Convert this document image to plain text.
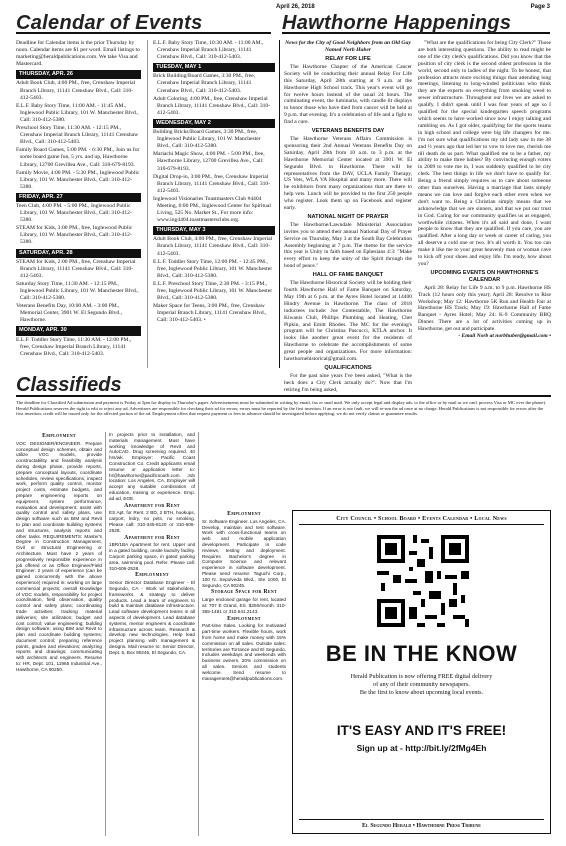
April 26, 2018	Page 3
Calendar of Events	Hawthorne Happenings
Deadline for Calendar items is the prior Thursday by noon. Calendar items are $1 per word. Email listings to marketing@heraldpublications.com. We take Visa and Mastercard.
THURSDAY, APR. 26
Adult Book Club, 4:00 PM., free, Crenshaw Imperial Branch Library, 11141 Crenshaw Blvd., Call: 310-412-5403.
E.L.F. Baby Story Time, 11:00 AM. - 11:45 AM., Inglewood Public Library, 101 W. Manchester Blvd., Call: 310-412-5380.
Preschool Story Time, 11:30 AM. - 12:15 PM., Crenshaw Imperial Branch Library, 11141 Crenshaw Blvd., Call: 310-412-5403.
Family Board Games, 5:00 PM. - 6:30 PM., Join us for some board game fun, 5 yrs. and up, Hawthorne Library, 12700 Grevillea Ave., Call: 310-679-8193.
Family Movie, 4:00 PM. - 5:30 PM., Inglewood Public Library, 101 W. Manchester Blvd., Call: 310-412-5380.
FRIDAY, APR. 27
Teen Club, 4:00 PM. - 5:00 PM., Inglewood Public Library, 101 W. Manchester Blvd., Call: 310-412-5380.
STEAM for Kids, 3:00 PM., free, Inglewood Public Library, 101 W. Manchester Blvd., Call: 310-412-5380.
SATURDAY, APR. 28
STEAM for Kids, 2:00 PM., free, Crenshaw Imperial Branch Library, 11141 Crenshaw Blvd., Call: 310-412-5403.
Saturday Story Time, 11:30 AM. - 12:15 PM., Inglewood Public Library, 101 W. Manchester Blvd., Call: 310-412-5380.
Veterans Benefits Day, 10:00 AM. - 3:00 PM., Memorial Center, 3901 W. El Segundo Blvd., Hawthorne.
MONDAY, APR. 30
E.L.F. Toddler Story Time, 11:30 AM. - 12:00 PM., free, Crenshaw Imperial Branch Library, 11141 Crenshaw Blvd., Call: 310-412-5403.
E.L.F. Baby Story Time, 10:30 AM. - 11:00 AM., Crenshaw Imperial Branch Library, 11141 Crenshaw Blvd., Call: 310-412-5403.
TUESDAY, MAY 1
Brick Building/Board Games, 3:30 PM., free, Crenshaw Imperial Branch Library, 11141 Crenshaw Blvd., Call: 310-412-5403.
Adult Coloring, 4:00 PM., free, Crenshaw Imperial Branch Library, 11141 Crenshaw Blvd., Call: 310-412-5403.
WEDNESDAY, MAY 2
Building Bricks/Board Games, 3:30 PM., free, Inglewood Public Library, 101 W. Manchester Blvd., Call: 310-412-5380.
Mariachi Magic Show, 4:00 PM. - 5:00 PM., free, Hawthorne Library, 12700 Grevillea Ave., Call: 310-679-8193.
Digital Drop-in, 3:00 PM., free, Crenshaw Imperial Branch Library, 11141 Crenshaw Blvd., Call: 310-412-5403.
Inglewood Visionaries Toastmasters Club #4404 Meeting, 6:00 PM., Inglewood Center for Spiritual Living, 525 No. Market St., For more info: www.ing4404.toastmastersclubs.org.
THURSDAY, MAY 3
Adult Book Club, 4:00 PM., free, Crenshaw Imperial Branch Library, 11141 Crenshaw Blvd., Call: 310-412-5403.
E.L.F. Toddler Story Time, 12:00 PM. - 12:45 PM., free, Inglewood Public Library, 101 W. Manchester Blvd., Call: 310-412-5380.
E.L.F. Preschool Story Time, 2:30 PM. - 3:15 PM., free, Inglewood Public Library, 101 W. Manchester Blvd., Call: 310-412-5380.
Maker Space for Teens, 3:00 PM., free, Crenshaw Imperial Branch Library, 11141 Crenshaw Blvd., Call: 310-412-5403. •
News for the City of Good Neighbors from an Old Guy Named Norb Huber
RELAY FOR LIFE
The Hawthorne Chapter of the American Cancer Society will be conducting their annual Relay For Life this Saturday, April 28th starting at 9 a.m. at the Hawthorne High School track. This year's event will go for twelve hours instead of the usual 24 hours. The culminating event, the luminaria, with candle lit displays to honor those who have died from cancer will be held at 9 p.m. that evening. It's a celebration of life and a fight to find a cure.
VETERANS BENEFITS DAY
The Hawthorne Veterans Affairs Commission is sponsoring their 2nd Annual Veterans Benefits Day on Saturday, April 28th from 10 a.m. to 3 p.m. at the Hawthorne Memorial Center located at 3901 W. El Segundo Blvd. in Hawthorne. There will be representatives from the DAV, UCLA Family Therapy, US Vets, WLA VA Hospital and many more. There will be exhibitors from many organizations that are there to help vets. Lunch will be provided to the first 250 people who register. Look them up on Facebook and register early.
NATIONAL NIGHT OF PRAYER
The Hawthorne/Lawndale Ministerial Association invites you to attend their annual National Day of Prayer Service on Thursday, May 3 at the South Bay Celebration Assembly beginning at 7 p.m. The theme for the service this year is Unity in faith based on Ephesians 4:3: "Make every effort to keep the unity of the Spirit through the bond of peace."
HALL OF FAME BANQUET
The Hawthorne Historical Society will be holding their fourth Hawthorne Hall of Fame Banquet on Saturday, May 19th at 6 p.m. at the Ayres Hotel located at 14400 Hindry Avenue in Hawthorne. The class of 2018 inductees include: Joe Contestabile, The Hawthorne Kiwanis Club, Phillips Plumbing and Heating, Chet Pipkin, and Emitt Rhodes. The MC for the evening's program will be Christina Pascucci, KTLA anchor. It looks like another great event for the residents of Hawthorne to celebrate the accomplishments of some great people and organizations. For more information: hawthornehistorical@gmail.com.
QUALIFICATIONS
For the past nine years I've been asked, "What is the heck does a City Clerk actually do?". Now that I'm retiring I'm being asked,
"What are the qualifications for being City Clerk?" Those are both interesting questions. The ability to read might be one of the city clerk's qualifications. Did you know that the position of city clerk is the second oldest profession in the world, second only to ladies of the night. To be honest, that profession attracts more exciting things than attending long meetings, listening to long-winded politicians who think they are the experts on everything from smoking weed to sewer infrastructure. Throughout our lives we are asked to qualify. I didn't speak until I was four years of age so I qualified for the special kindergarten speech programs which seems to have worked since now I enjoy talking and rambling on. As I got older, qualifying for the sports teams in high school and college were big life changers for me. I'm not sure what qualifications my old lady saw in me 38 and ½ years ago that led her to vow to love me, cherish me till death do us part. What qualified me to be a father, my ability to make three babies? By convincing enough voters in 2009 to vote me in, I was suddenly qualified to be city clerk. The best things in life we don't have to qualify for. Being a friend simply requires us to care about someone other than ourselves. Having a marriage that lasts simply means we can love and forgive each other even when we don't want to. Being a Christian simply means that we acknowledge that we are sinners, and that we put our trust in God. Caring for our community qualifies us as engaged, worthwhile citizens. When it's all said and done, I want people to know that they are qualified. If you care, you are qualified. After a long day or week or career of caring, you all deserve a cold one or two. It's all worth it. You too can make it like me to your great heavenly man or woman cave to kick off your shoes and enjoy life. I'm ready, how about you?
UPCOMING EVENTS ON HAWTHORNE'S CALENDAR
April 28: Relay for Life 9 a.m. to 9 p.m. Hawthorne HS Track (12 hours only this year); April 28: Resolve to Rise Workshop; May 12: Hawthorne 5K Run and Health Fair at Hawthorne HS Track; May 19: Hawthorne Hall of Fame Banquet - Ayres Hotel; May 24: K-9 Community BBQ Dinner. There are a lot of activities coming up in Hawthorne, get out and participate.
- Email Norb at norbhuber@gmail.com •
Classifieds
The deadline for Classified Ad submission and payment is Friday at 5pm for display in Thursday's paper. Advertisements must be submitted in writing by email, fax or snail mail. We only accept legal and display ads, to the office or by mail as we can't process Visa or MC over the phone). Herald Publications reserves the right to edit or reject any ad. Advertisers are responsible for checking their ad for errors; errors must be reported by the first insertion. If an error is our fault, we will re-run the ad once at no charge. Herald Publications is not responsible for errors after the first insertion; credit will be issued only for the affected portion of the ad. Employment offers that request payment or fees in advance should be investigated before applying; we do not verify claims or guarantee results.
Employment
VOC DESIGNER/ENGINEER. Prepare conceptual design schemes, obtain and utilize VOC models, provide constructability and feasibility analysis during design phase, provide reports, prepare conceptual layouts, coordinate schedules, review specifications, inspect work, perform quality control, monitor project costs, estimate budgets, and prepare engineering reports on equipment, system performance, evaluation and development; assist with quality control and safety plans, use design software such as BIM and Revit to plan and coordinate building systems and structures, analysis reports and other tasks. REQUIREMENTS: Master's Degree in Construction Management, Civil or Structural Engineering or Architecture. Must have 2 years of progressively responsible experience in job offered or as Office Engineer/Field Engineer. 2 years of experience (can be gained concurrently with the above experience) required in: working on large commercial projects; overall knowledge of VOC models, responsibility for project coordination, field observation, quality control and safety plans; coordinating trade activities; tracking material deliveries; site utilization; budget and cost control; value engineering; building design software; using BIM and Revit to plan and coordinate building systems; document control; preparing reference points, grades and elevations; analyzing reports and drawings; communicating with architects and engineers. Resume to: HR, Dept. 101, 11965 Industrial Ave., Hawthorne, CA 90250.
In projects prior to installation, and materials management. Must have working knowledge of Revit and AutoCAD. Drug screening required. 40 hrs/wk. Employer: Pacific Coast Construction Co. Credit applicants email resume or application letter to: hr@hawthorne@pacificsouth.com. Job location: Los Angeles, CA. Employer will accept any suitable combination of education, training or experience. Emp. ad ad, EOE.
Apartment for Rent
ES Apt. for Rent. 2 BD, 2 BTH, hookups, carport, lndry, no pets, no smoking. Please call: 310-345-8120 or 310-606-2528.
Apartment for Rent
1BR/1BA Apartment for rent. Upper unit in a gated building, onsite laundry facility. Carport parking space, in gated parking area, swimming pool. Refer. Please call: 310-606-2528.
Employment
Senior Director Database Engineer - El Segundo, CA - Work w/ stakeholders, frameworks, & strategy to deliver products. Lead a team of engineers to build & maintain database infrastructure. Lead software development teams in all aspects of development. Lead database systems, mentor engineers & coordinate infrastructure across team. Research & develop new technologies. Help lead project planning with management & designs. Mail resume to: Senior Director, Dept. 5, Box 90245, El Segundo, CA.
Employment
Sr. Software Engineer. Los Angeles, CA. Develop, maintain and test software. Work with cross-functional teams on web and mobile application development. Participate in code reviews, testing and deployment. Requires Bachelor's degree in Computer Science and relevant experience in software development. Please send resume: Taguchi Corp., 100 N. Sepulveda Blvd., Ste 1000, El Segundo, CA 90245.
Storage Space for Rent
Large enclosed garage for rent, located at: 707 E Grand, ES. $250/month. 310-365-1481 or 310.641.2143.
Employment
Part-time Sales. Looking for motivated part-time workers. Flexible hours, work from home and make money with 15% commission on all sales. Outside sales: territories are Torrance and El Segundo. Includes weekdays and weekends with business owners. 20% commission on all sales. Seniors and students welcome. Send resume to management@heraldpublications.com.
City Council • School Board • Events Calendar • Local News
BE IN THE KNOW
Herald Publication is now offering FREE digital delivery
of any of their community newspapers.
Be the first to know about upcoming local events.
IT'S EASY AND IT'S FREE!
Sign up at - http://bit.ly/2fMg4Eh
El Segundo Herald • Hawthorne Press Tribune
